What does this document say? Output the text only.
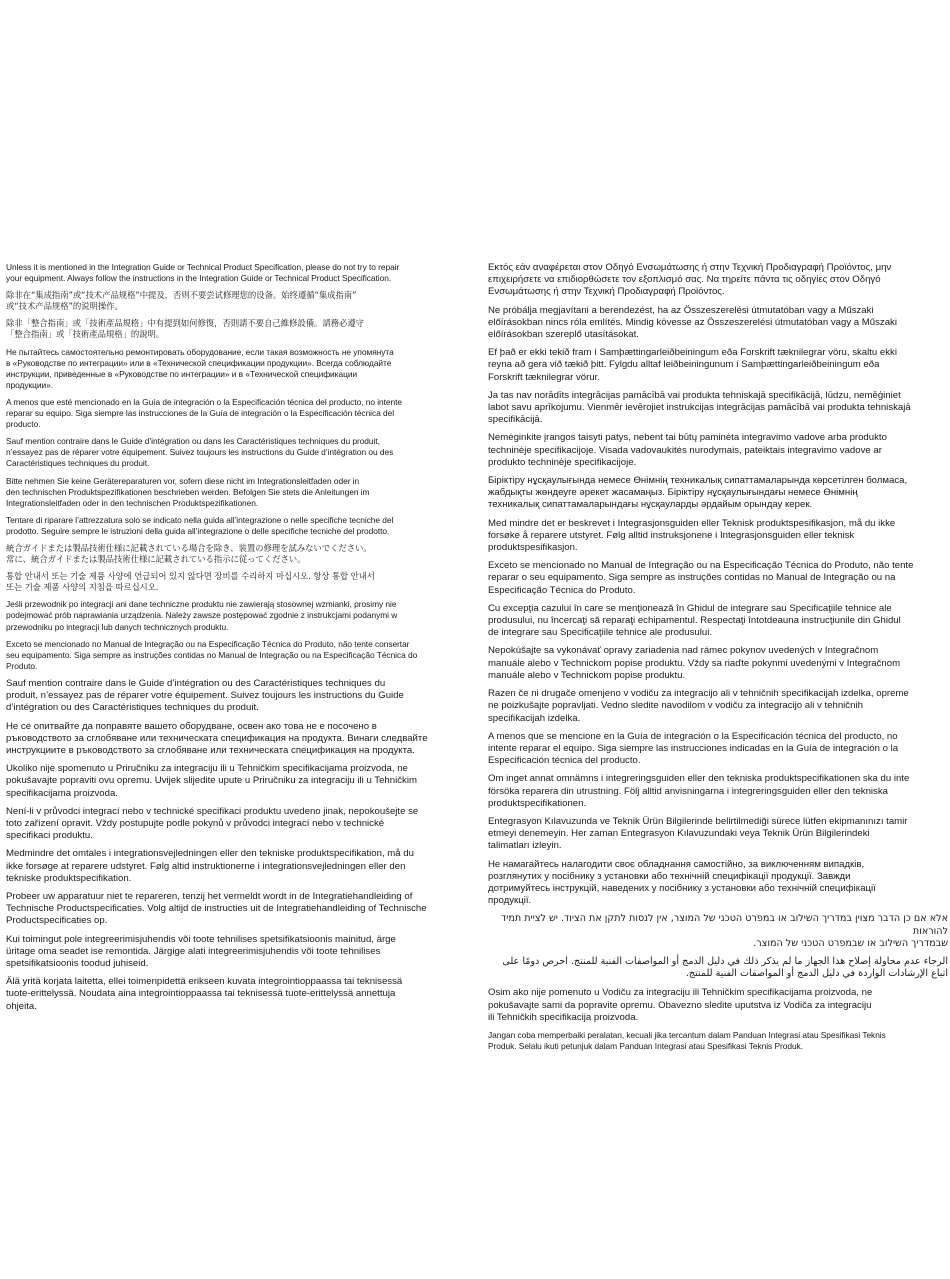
Unless it is mentioned in the Integration Guide or Technical Product Specification, please do not try to repair
your equipment. Always follow the instructions in the Integration Guide or Technical Product Specification.

除非在“集成指南”或“技术产品规格”中提及，否则不要尝试修理您的设备。始终遵循“集成指南”
或“技术产品规格”的说明操作。

除非「整合指南」或「技術產品規格」中有提到如何修復，否則請不要自己維修設備。請務必遵守
「整合指南」或「技術產品規格」的說明。

Не пытайтесь самостоятельно ремонтировать оборудование, если такая возможность не упомянута
в «Руководстве по интеграции» или в «Технической спецификации продукции». Всегда соблюдайте
инструкции, приведенные в «Руководстве по интеграции» и в «Технической спецификации
продукции».

A menos que esté mencionado en la Guía de integración o la Especificación técnica del producto, no intente
reparar su equipo. Siga siempre las instrucciones de la Guía de integración o la Especificación técnica del
producto.

Sauf mention contraire dans le Guide d’intégration ou dans les Caractéristiques techniques du produit,
n’essayez pas de réparer votre équipement. Suivez toujours les instructions du Guide d’intégration ou des
Caractéristiques techniques du produit.

Bitte nehmen Sie keine Gerätereparaturen vor, sofern diese nicht im Integrationsleitfaden oder in
den technischen Produktspezifikationen beschrieben werden. Befolgen Sie stets die Anleitungen im
Integrationsleitfaden oder in den technischen Produktspezifikationen.

Tentare di riparare l’attrezzatura solo se indicato nella guida all’integrazione o nelle specifiche tecniche del
prodotto. Seguire sempre le istruzioni della guida all’integrazione o delle specifiche tecniche del prodotto.

統合ガイドまたは製品技術仕様に記載されている場合を除き、装置の修理を試みないでください。
常に、統合ガイドまたは製品技術仕様に記載されている指示に従ってください。

통합 안내서 또는 기술 제품 사양에 언급되어 있지 않다면 장비를 수리하지 마십시오. 항상 통합 안내서
또는 기술 제품 사양의 지침을 따르십시오.

Jeśli przewodnik po integracji ani dane techniczne produktu nie zawierają stosownej wzmianki, prosimy nie
podejmować prób naprawiania urządzenia. Należy zawsze postępować zgodnie z instrukcjami podanymi w
przewodniku po integracji lub danych technicznych produktu.

Exceto se mencionado no Manual de Integração ou na Especificação Técnica do Produto, não tente consertar
seu equipamento. Siga sempre as instruções contidas no Manual de Integração ou na Especificação Técnica do
Produto.

Sauf mention contraire dans le Guide d’intégration ou des Caractéristiques techniques du
produit, n’essayez pas de réparer votre équipement. Suivez toujours les instructions du Guide
d’intégration ou des Caractéristiques techniques du produit.

Не се опитвайте да поправяте вашето оборудване, освен ако това не е посочено в
ръководството за сглобяване или техническата спецификация на продукта. Винаги следвайте
инструкциите в ръководството за сглобяване или техническата спецификация на продукта.

Ukoliko nije spomenuto u Priručniku za integraciju ili u Tehničkim specifikacijama proizvoda, ne
pokušavajte popraviti ovu opremu. Uvijek slijedite upute u Priručniku za integraciju ili u Tehničkim
specifikacijama proizvoda.

Není-li v průvodci integrací nebo v technické specifikaci produktu uvedeno jinak, nepokoušejte se
toto zařízení opravit. Vždy postupujte podle pokynů v průvodci integrací nebo v technické
specifikaci produktu.

Medmindre det omtales i integrationsvejledningen eller den tekniske produktspecifikation, må du
ikke forsøge at reparere udstyret. Følg altid instruktionerne i integrationsvejledningen eller den
tekniske produktspecifikation.

Probeer uw apparatuur niet te repareren, tenzij het vermeldt wordt in de Integratiehandleiding of
Technische Productspecificaties. Volg altijd de instructies uit de Integratiehandleiding of Technische
Productspecificaties op.

Kui toimingut pole integreerimisjuhendis või toote tehnilises spetsifikatsioonis mainitud, ärge
üritage oma seadet ise remontida. Järgige alati integreerimisjuhendis või toote tehnilises
spetsifikatsioonis toodud juhiseid.

Älä yritä korjata laitetta, ellei toimenpidettä erikseen kuvata integrointioppaassa tai teknisessä
tuote-erittelyssä. Noudata aina integrointioppaassa tai teknisessä tuote-erittelyssä annettuja
ohjeita.

Εκτός εάν αναφέρεται στον Οδηγό Ενσωμάτωσης ή στην Τεχνική Προδιαγραφή Προϊόντος, μην
επιχειρήσετε να επιδιορθώσετε τον εξοπλισμό σας. Να τηρείτε πάντα τις οδηγίες στον Οδηγό
Ενσωμάτωσης ή στην Τεχνική Προδιαγραφή Προϊόντος.

Ne próbálja megjavítani a berendezést, ha az Összeszerelési útmutatóban vagy a Műszaki
előírásokban nincs róla említés. Mindig kövesse az Összeszerelési útmutatóban vagy a Műszaki
előírásokban szereplő utasításokat.

Ef það er ekki tekið fram í Samþættingarleiðbeiningum eða Forskrift tæknilegrar vöru, skaltu ekki
reyna að gera við tækið þitt. Fylgdu alltaf leiðbeiningunum í Samþættingarleiðbeiningum eða
Forskrift tæknilegrar vörur.

Ja tas nav norādīts integrācijas pamācībā vai produkta tehniskajā specifikācijā, lūdzu, nemēģiniet
labot savu aprīkojumu. Vienmēr ievērojiet instrukcijas integrācijas pamācībā vai produkta tehniskajā
specifikācijā.

Nemėginkite įrangos taisyti patys, nebent tai būtų paminėta integravimo vadove arba produkto
techninėje specifikacijoje. Visada vadovaukitės nurodymais, pateiktais integravimo vadove ar
produkto techninėje specifikacijoje.

Біріктіру нұсқаулығында немесе Өнімнің техникалық сипаттамаларында көрсетілген болмаса,
жабдықты жөндеуге әрекет жасамаңыз. Біріктіру нұсқаулығындағы немесе Өнімнің
техникалық сипаттамаларындағы нұсқауларды әрдайым орындау керек.

Med mindre det er beskrevet i Integrasjonsguiden eller Teknisk produktspesifikasjon, må du ikke
forsøke å reparere utstyret. Følg alltid instruksjonene i Integrasjonsguiden eller teknisk
produktspesifikasjon.

Exceto se mencionado no Manual de Integração ou na Especificação Técnica do Produto, não tente
reparar o seu equipamento. Siga sempre as instruções contidas no Manual de Integração ou na
Especificação Técnica do Produto.

Cu excepţia cazului în care se menţionează în Ghidul de integrare sau Specificaţiile tehnice ale
produsului, nu încercaţi să reparaţi echipamentul. Respectaţi întotdeauna instrucţiunile din Ghidul
de integrare sau Specificaţiile tehnice ale produsului.

Nepokúšajte sa vykonávať opravy zariadenia nad rámec pokynov uvedených v Integračnom
manuále alebo v Technickom popise produktu. Vždy sa riaďte pokynmi uvedenými v Integračnom
manuále alebo v Technickom popise produktu.

Razen če ni drugače omenjeno v vodiču za integracijo ali v tehničnih specifikacijah izdelka, opreme
ne poizkušajte popravljati. Vedno sledite navodilom v vodiču za integracijo ali v tehničnih
specifikacijah izdelka.

A menos que se mencione en la Guía de integración o la Especificación técnica del producto, no
intente reparar el equipo. Siga siempre las instrucciones indicadas en la Guía de integración o la
Especificación técnica del producto.

Om inget annat omnämns i integreringsguiden eller den tekniska produktspecifikationen ska du inte
försöka reparera din utrustning. Följ alltid anvisningarna i integreringsguiden eller den tekniska
produktspecifikationen.

Entegrasyon Kılavuzunda ve Teknik Ürün Bilgilerinde belirtilmediği sürece lütfen ekipmanınızı tamir
etmeyi denemeyin. Her zaman Entegrasyon Kılavuzundaki veya Teknik Ürün Bilgilerindeki
talimatları izleyin.

Не намагайтесь налагодити своє обладнання самостійно, за виключенням випадків,
розглянутих у посібнику з установки або технічній специфікації продукції. Завжди
дотримуйтесь інструкцій, наведених у посібнику з установки або технічній специфікації
продукції.

אלא אם כן הדבר מצוין במדריך השילוב או במפרט הטכני של המוצר, אין לנסות לתקן את הציוד. יש לציית תמיד להוראות
שבמדריך השילוב או שבמפרט הטכני של המוצר.

الرجاء عدم محاولة إصلاح هذا الجهاز ما لم يذكر ذلك في دليل الدمج أو المواصفات الفنية للمنتج. احرص دومًا على
اتباع الإرشادات الواردة في دليل الدمج أو المواصفات الفنية للمنتج.

Osim ako nije pomenuto u Vodiču za integraciju ili Tehničkim specifikacijama proizvoda, ne
pokušavajte sami da popravite opremu. Obavezno sledite uputstva iz Vodiča za integraciju
ili Tehničkih specifikacija proizvoda.

Jangan coba memperbaiki peralatan, kecuali jika tercantum dalam Panduan Integrasi atau Spesifikasi Teknis
Produk. Selalu ikuti petunjuk dalam Panduan Integrasi atau Spesifikasi Teknis Produk.
